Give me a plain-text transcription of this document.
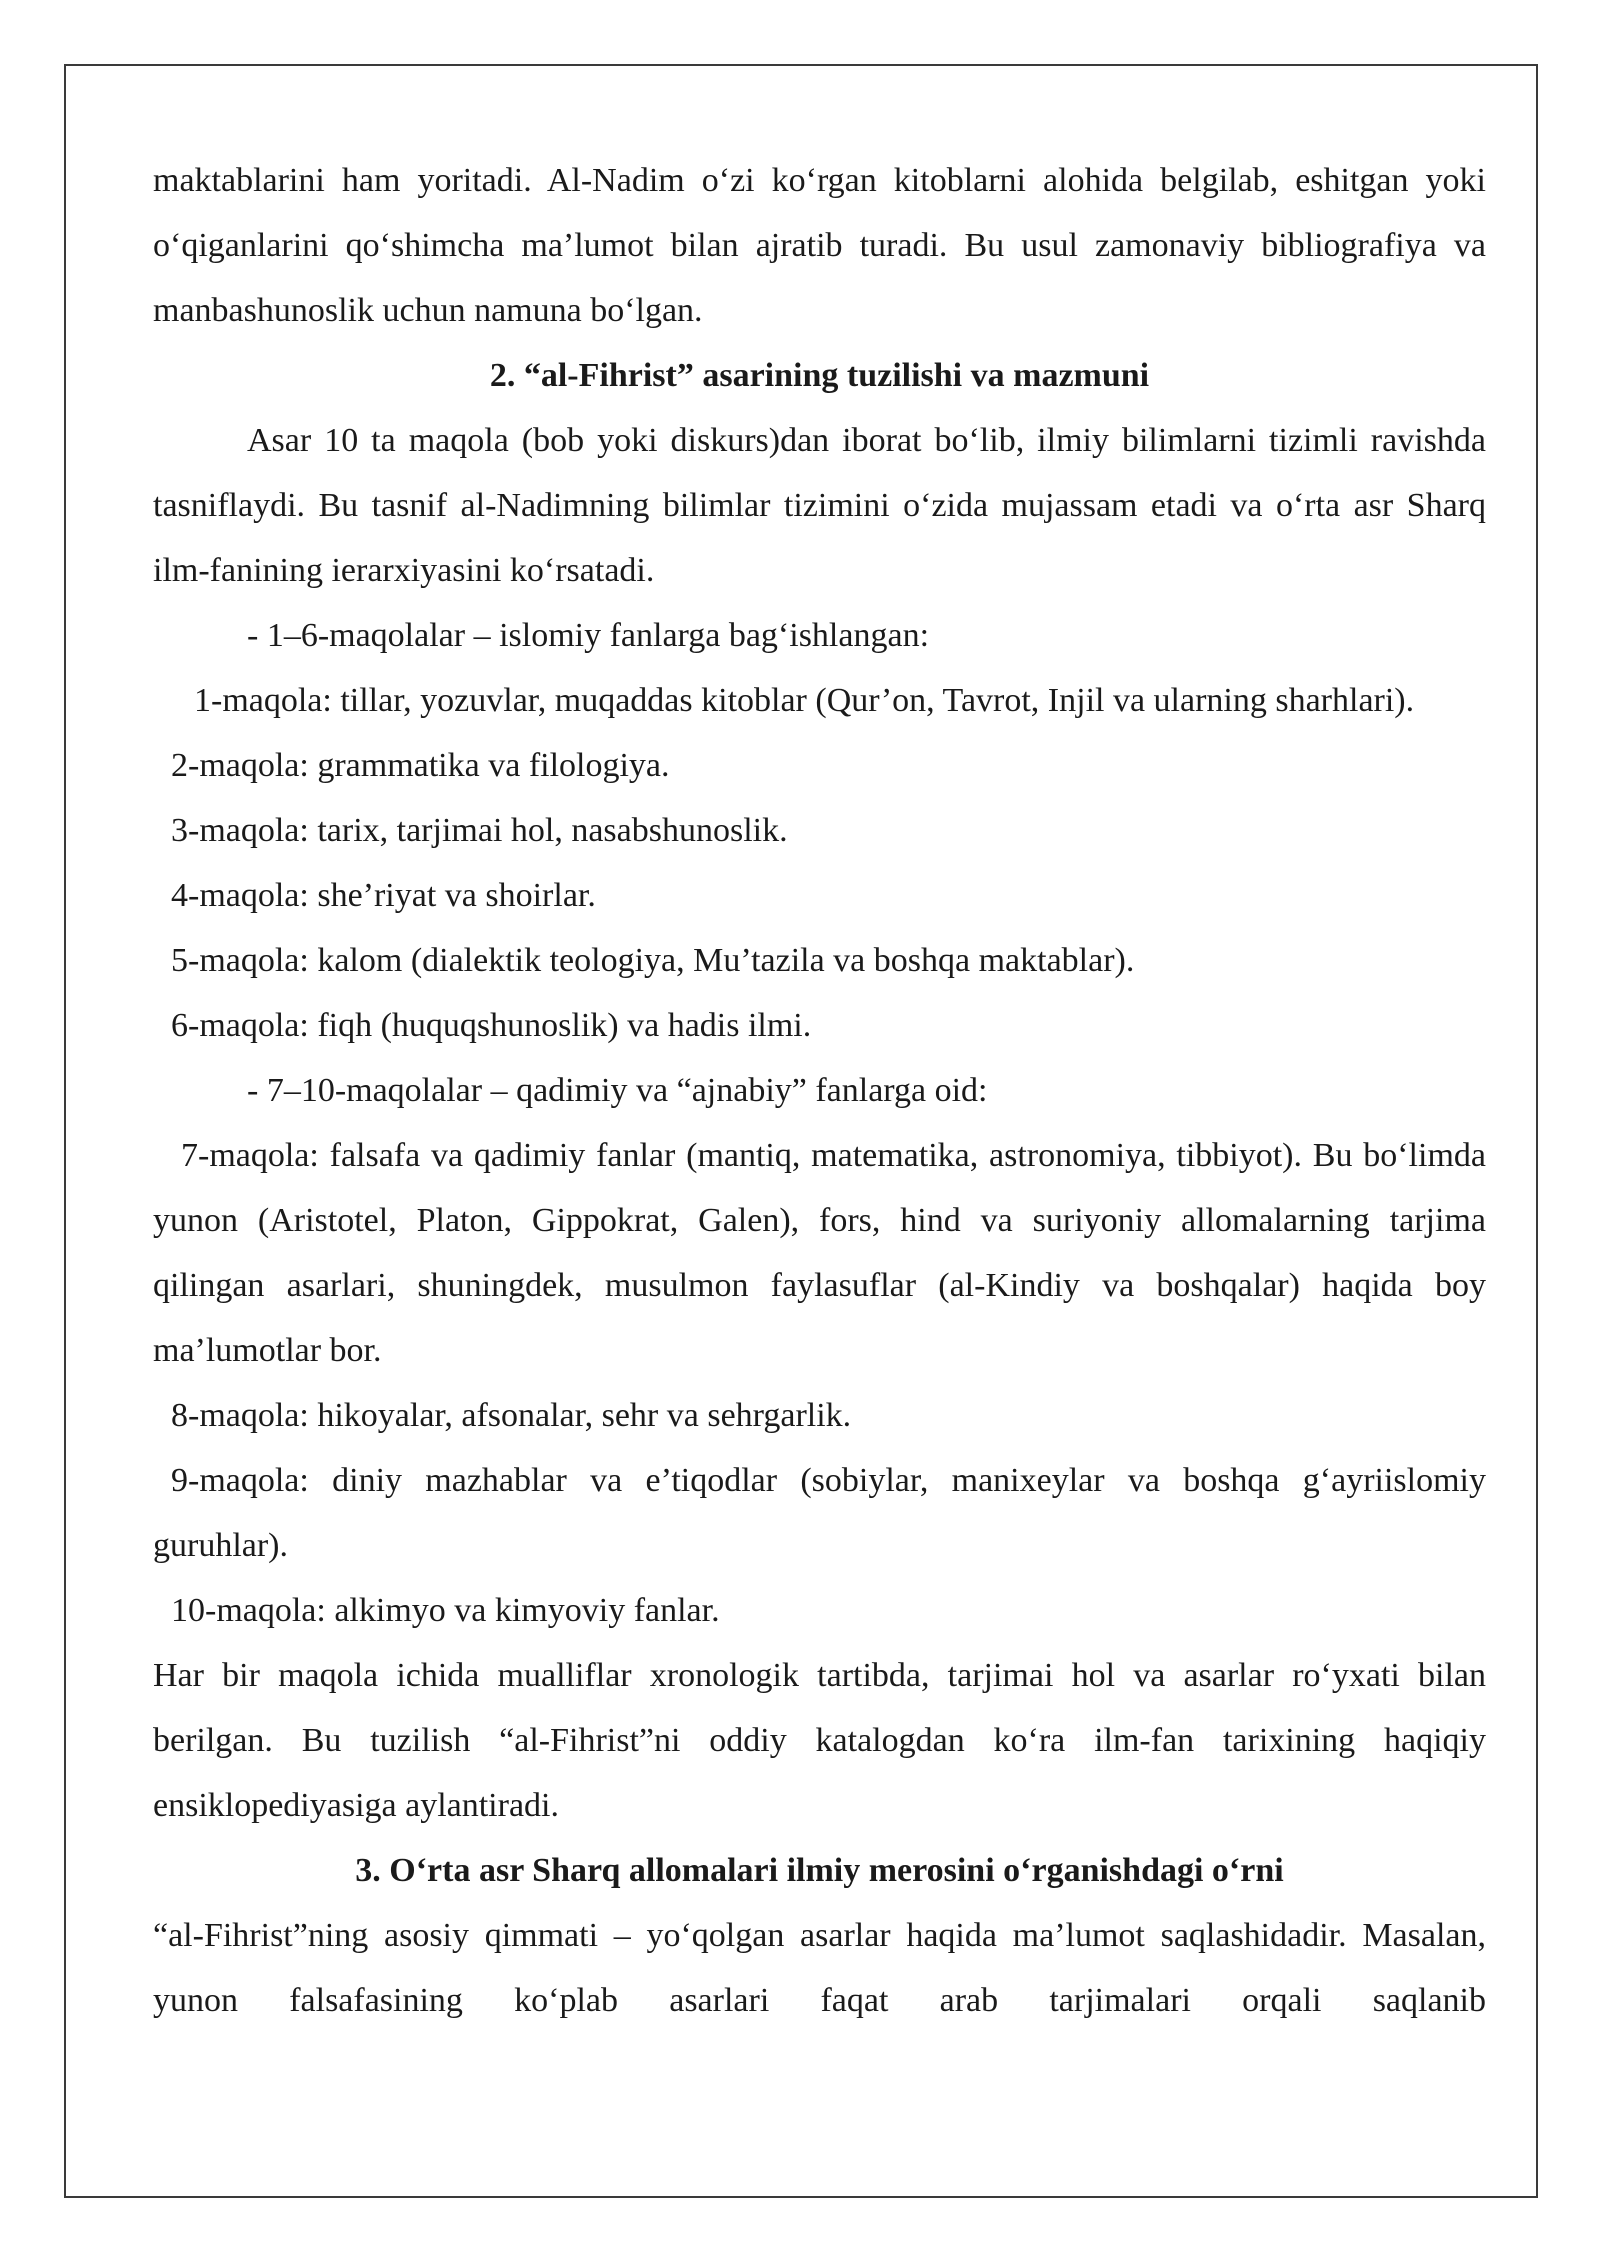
maktablarini ham yoritadi. Al-Nadim o‘zi ko‘rgan kitoblarni alohida belgilab, eshitgan yoki o‘qiganlarini qo‘shimcha ma’lumot bilan ajratib turadi. Bu usul zamonaviy bibliografiya va manbashunoslik uchun namuna bo‘lgan.

2. “al-Fihrist” asarining tuzilishi va mazmuni

Asar 10 ta maqola (bob yoki diskurs)dan iborat bo‘lib, ilmiy bilimlarni tizimli ravishda tasniflaydi. Bu tasnif al-Nadimning bilimlar tizimini o‘zida mujassam etadi va o‘rta asr Sharq ilm-fanining ierarxiyasini ko‘rsatadi.

- 1–6-maqolalar – islomiy fanlarga bag‘ishlangan:

1-maqola: tillar, yozuvlar, muqaddas kitoblar (Qur’on, Tavrot, Injil va ularning sharhlari).

2-maqola: grammatika va filologiya.

3-maqola: tarix, tarjimai hol, nasabshunoslik.

4-maqola: she’riyat va shoirlar.

5-maqola: kalom (dialektik teologiya, Mu’tazila va boshqa maktablar).

6-maqola: fiqh (huquqshunoslik) va hadis ilmi.

- 7–10-maqolalar – qadimiy va “ajnabiy” fanlarga oid:

7-maqola: falsafa va qadimiy fanlar (mantiq, matematika, astronomiya, tibbiyot). Bu bo‘limda yunon (Aristotel, Platon, Gippokrat, Galen), fors, hind va suriyoniy allomalarning tarjima qilingan asarlari, shuningdek, musulmon faylasuflar (al-Kindiy va boshqalar) haqida boy ma’lumotlar bor.

8-maqola: hikoyalar, afsonalar, sehr va sehrgarlik.

9-maqola: diniy mazhablar va e’tiqodlar (sobiylar, manixeylar va boshqa g‘ayriislomiy guruhlar).

10-maqola: alkimyo va kimyoviy fanlar.

Har bir maqola ichida mualliflar xronologik tartibda, tarjimai hol va asarlar ro‘yxati bilan berilgan. Bu tuzilish “al-Fihrist”ni oddiy katalogdan ko‘ra ilm-fan tarixining haqiqiy ensiklopediyasiga aylantiradi.

3. O‘rta asr Sharq allomalari ilmiy merosini o‘rganishdagi o‘rni

“al-Fihrist”ning asosiy qimmati – yo‘qolgan asarlar haqida ma’lumot saqlashidadir. Masalan, yunon falsafasining ko‘plab asarlari faqat arab tarjimalari orqali saqlanib
